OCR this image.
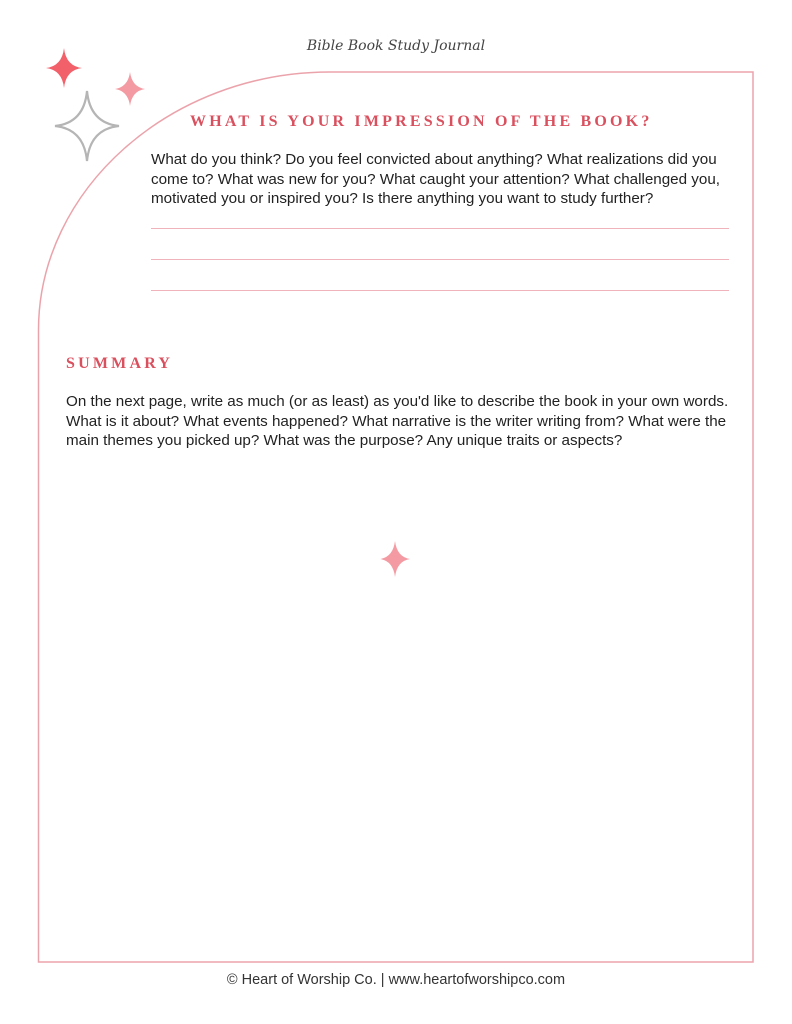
Bible Book Study Journal
WHAT IS YOUR IMPRESSION OF THE BOOK?
What do you think? Do you feel convicted about anything? What realizations did you come to? What was new for you? What caught your attention? What challenged you, motivated you or inspired you? Is there anything you want to study further?
SUMMARY
On the next page, write as much (or as least) as you'd like to describe the book in your own words. What is it about? What events happened? What narrative is the writer writing from? What were the main themes you picked up? What was the purpose? Any unique traits or aspects?
© Heart of Worship Co. | www.heartofworshipco.com
